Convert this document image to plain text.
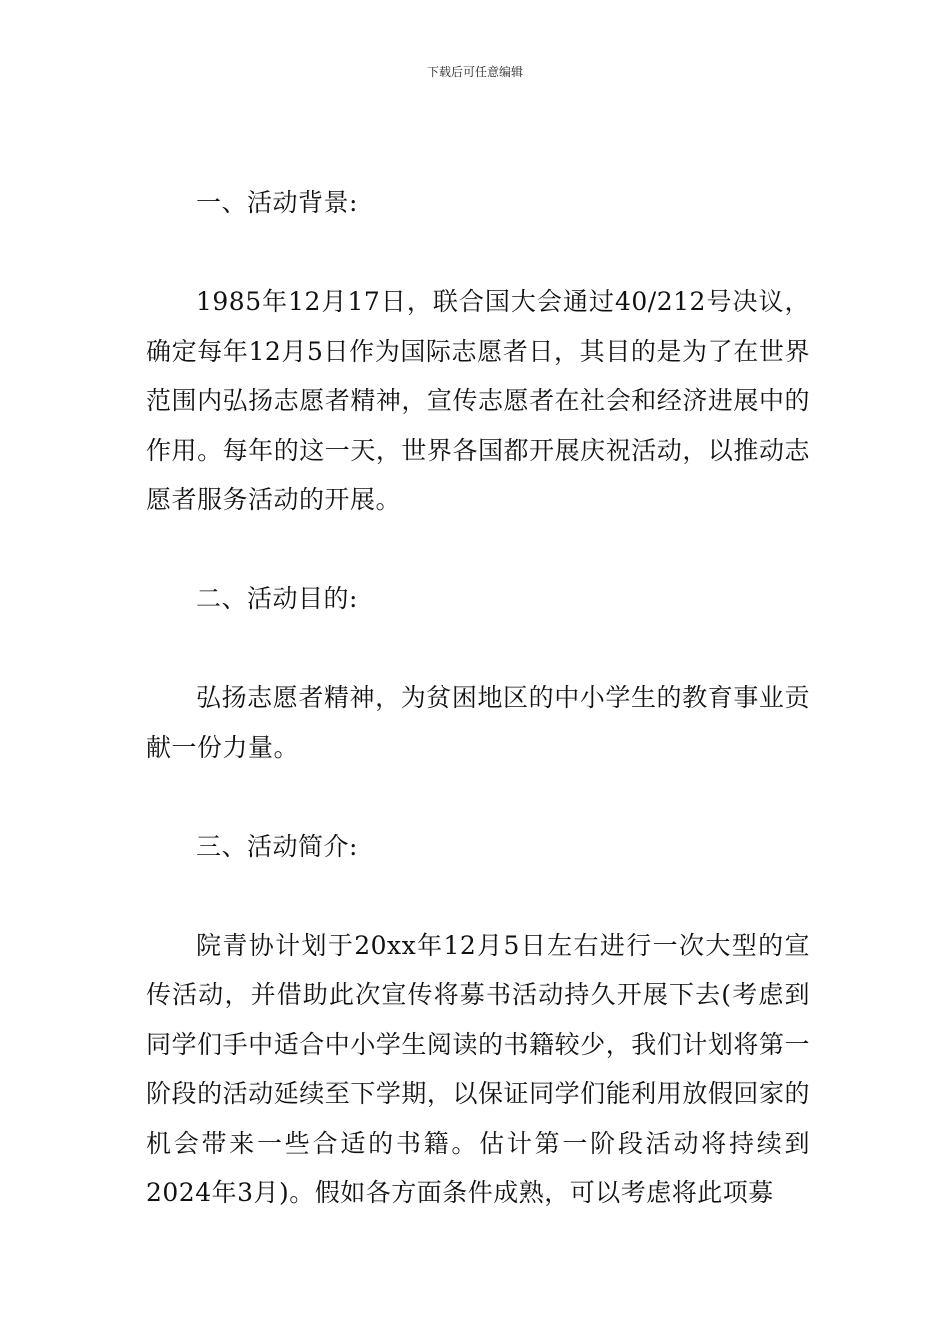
下载后可任意编辑
一、活动背景:

1985年12月17日，联合国大会通过40/212号决议，确定每年12月5日作为国际志愿者日，其目的是为了在世界范围内弘扬志愿者精神，宣传志愿者在社会和经济进展中的作用。每年的这一天，世界各国都开展庆祝活动，以推动志愿者服务活动的开展。

二、活动目的:

弘扬志愿者精神，为贫困地区的中小学生的教育事业贡献一份力量。

三、活动简介:

院青协计划于20xx年12月5日左右进行一次大型的宣传活动，并借助此次宣传将募书活动持久开展下去(考虑到同学们手中适合中小学生阅读的书籍较少，我们计划将第一阶段的活动延续至下学期，以保证同学们能利用放假回家的机会带来一些合适的书籍。估计第一阶段活动将持续到2024年3月)。假如各方面条件成熟，可以考虑将此项募
